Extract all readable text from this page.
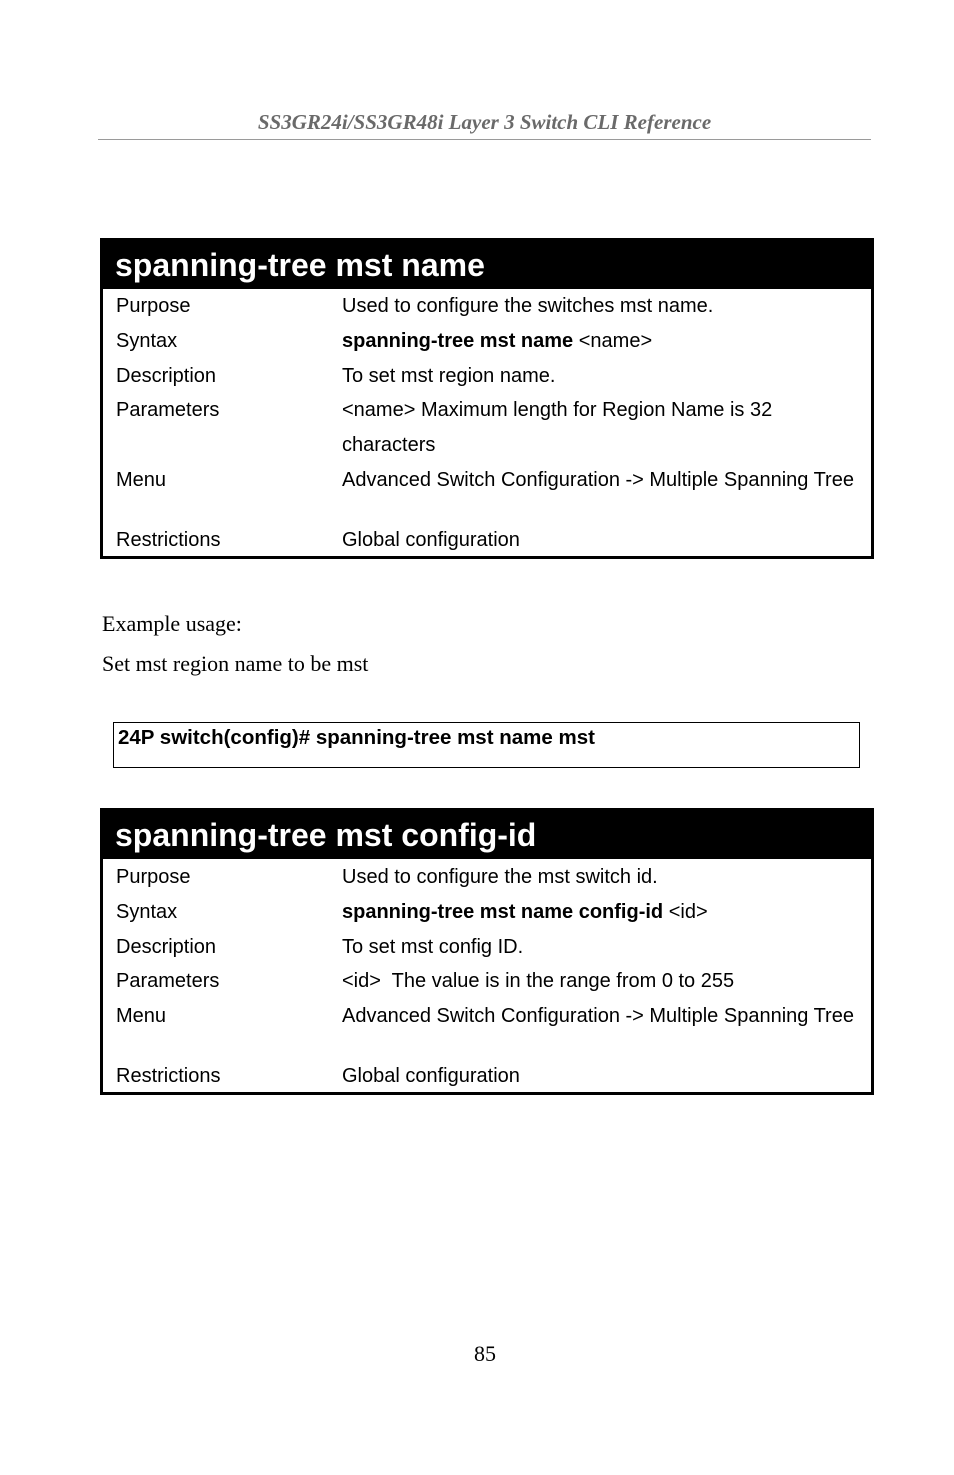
SS3GR24i/SS3GR48i Layer 3 Switch CLI Reference
spanning-tree mst name
Purpose	Used to configure the switches mst name.
Syntax	spanning-tree mst name <name>
Description	To set mst region name.
Parameters	<name> Maximum length for Region Name is 32
characters
Menu	Advanced Switch Configuration -> Multiple Spanning Tree
Restrictions	Global configuration
Example usage:
Set mst region name to be mst
24P switch(config)# spanning-tree mst name mst
spanning-tree mst config-id
Purpose	Used to configure the mst switch id.
Syntax	spanning-tree mst name config-id <id>
Description	To set mst config ID.
Parameters	<id>  The value is in the range from 0 to 255
Menu	Advanced Switch Configuration -> Multiple Spanning Tree
Restrictions	Global configuration
85
